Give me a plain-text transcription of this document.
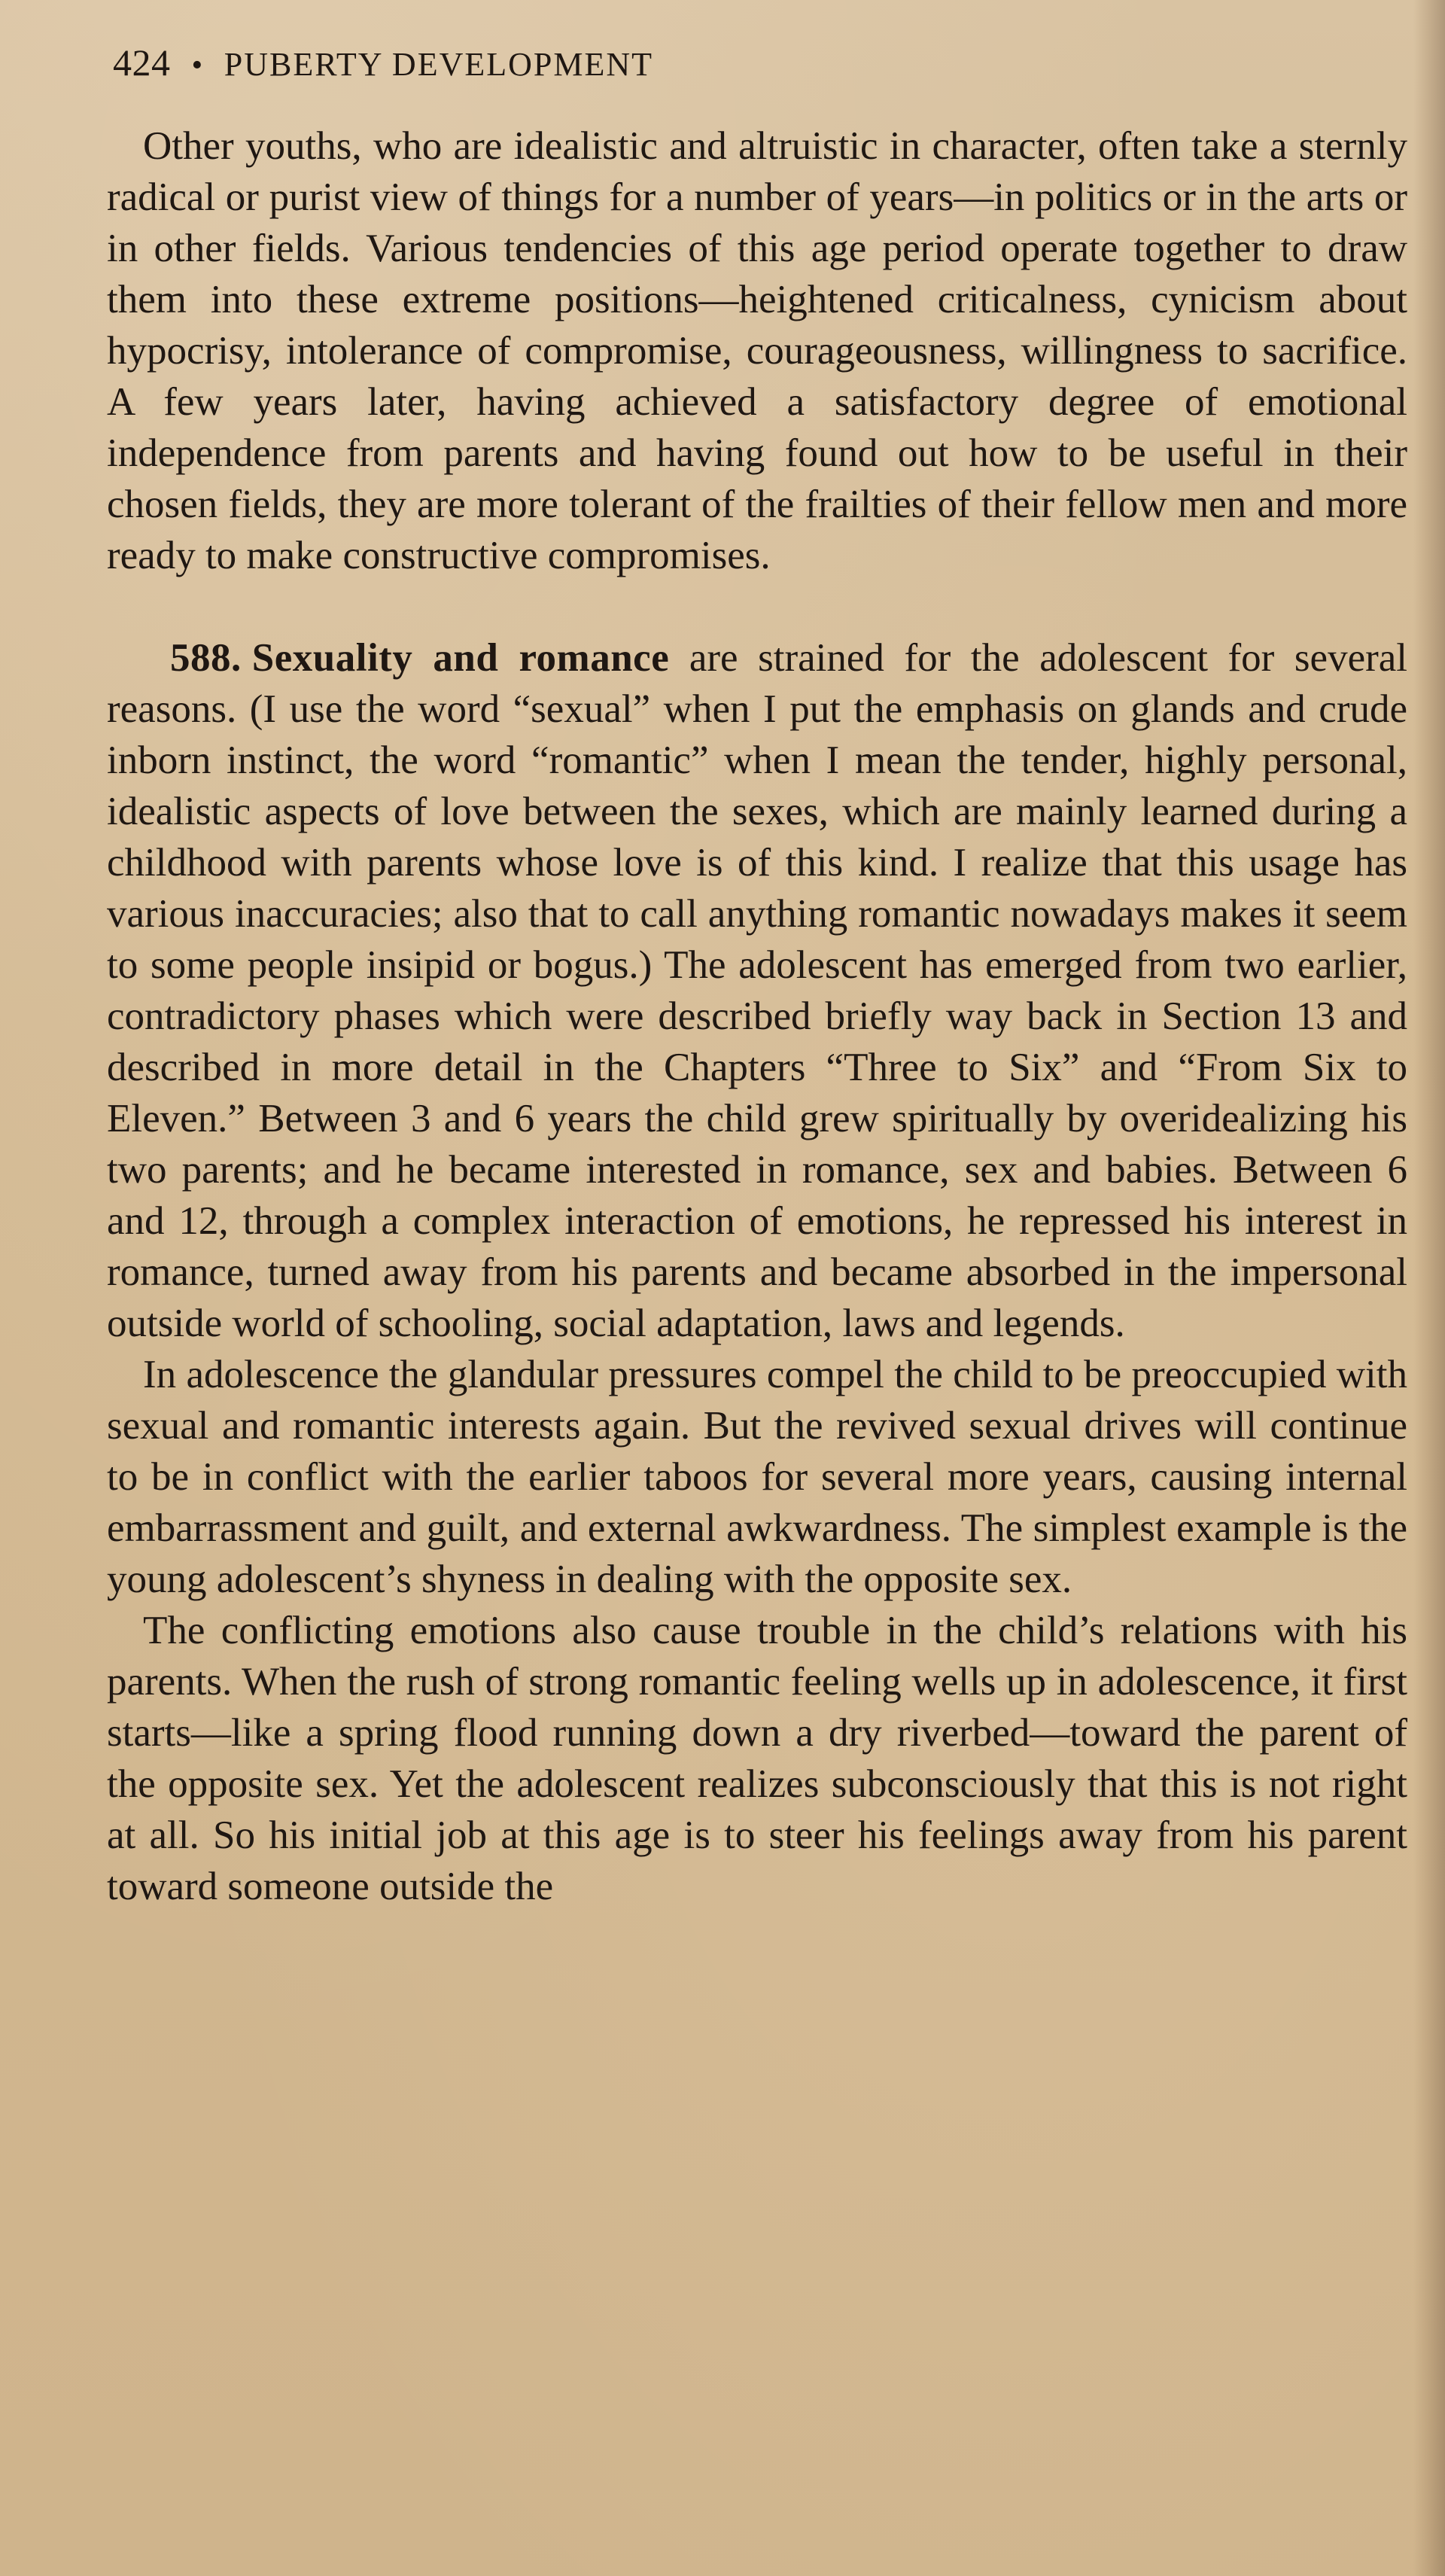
424 • PUBERTY DEVELOPMENT

Other youths, who are idealistic and altruistic in character, often take a sternly radical or purist view of things for a number of years—in politics or in the arts or in other fields. Various tendencies of this age period operate together to draw them into these extreme positions—heightened criticalness, cynicism about hypocrisy, intolerance of compromise, courageousness, willingness to sacrifice. A few years later, having achieved a satisfactory degree of emotional independence from parents and having found out how to be useful in their chosen fields, they are more tolerant of the frailties of their fellow men and more ready to make constructive compromises.

588. Sexuality and romance are strained for the adolescent for several reasons. (I use the word “sexual” when I put the emphasis on glands and crude inborn instinct, the word “romantic” when I mean the tender, highly personal, idealistic aspects of love between the sexes, which are mainly learned during a childhood with parents whose love is of this kind. I realize that this usage has various inaccuracies; also that to call anything romantic nowadays makes it seem to some people insipid or bogus.) The adolescent has emerged from two earlier, contradictory phases which were described briefly way back in Section 13 and described in more detail in the Chapters “Three to Six” and “From Six to Eleven.” Between 3 and 6 years the child grew spiritually by overidealizing his two parents; and he became interested in romance, sex and babies. Between 6 and 12, through a complex interaction of emotions, he repressed his interest in romance, turned away from his parents and became absorbed in the impersonal outside world of schooling, social adaptation, laws and legends.

In adolescence the glandular pressures compel the child to be preoccupied with sexual and romantic interests again. But the revived sexual drives will continue to be in conflict with the earlier taboos for several more years, causing internal embarrassment and guilt, and external awkwardness. The simplest example is the young adolescent’s shyness in dealing with the opposite sex.

The conflicting emotions also cause trouble in the child’s relations with his parents. When the rush of strong romantic feeling wells up in adolescence, it first starts—like a spring flood running down a dry riverbed—toward the parent of the opposite sex. Yet the adolescent realizes subconsciously that this is not right at all. So his initial job at this age is to steer his feelings away from his parent toward someone outside the
